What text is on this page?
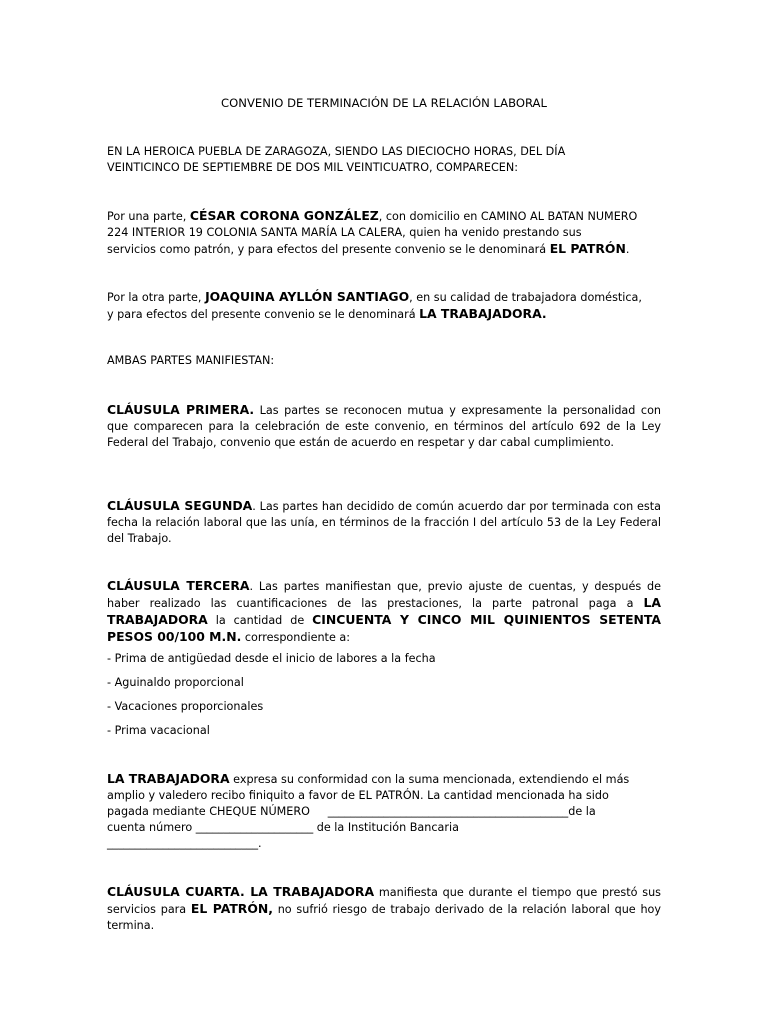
CONVENIO DE TERMINACIÓN DE LA RELACIÓN LABORAL

EN LA HEROICA PUEBLA DE ZARAGOZA, SIENDO LAS DIECIOCHO HORAS, DEL DÍA
VEINTICINCO DE SEPTIEMBRE DE DOS MIL VEINTICUATRO, COMPARECEN:

Por una parte, CÉSAR CORONA GONZÁLEZ, con domicilio en CAMINO AL BATAN NUMERO
224 INTERIOR 19 COLONIA SANTA MARÍA LA CALERA, quien ha venido prestando sus
servicios como patrón, y para efectos del presente convenio se le denominará EL PATRÓN.

Por la otra parte, JOAQUINA AYLLÓN SANTIAGO, en su calidad de trabajadora doméstica,
y para efectos del presente convenio se le denominará LA TRABAJADORA.

AMBAS PARTES MANIFIESTAN:

CLÁUSULA PRIMERA. Las partes se reconocen mutua y expresamente la personalidad con que comparecen para la celebración de este convenio, en términos del artículo 692 de la Ley Federal del Trabajo, convenio que están de acuerdo en respetar y dar cabal cumplimiento.

CLÁUSULA SEGUNDA. Las partes han decidido de común acuerdo dar por terminada con esta fecha la relación laboral que las unía, en términos de la fracción I del artículo 53 de la Ley Federal del Trabajo.

CLÁUSULA TERCERA. Las partes manifiestan que, previo ajuste de cuentas, y después de haber realizado las cuantificaciones de las prestaciones, la parte patronal paga a LA TRABAJADORA la cantidad de CINCUENTA Y CINCO MIL QUINIENTOS SETENTA PESOS 00/100 M.N. correspondiente a:

- Prima de antigüedad desde el inicio de labores a la fecha

- Aguinaldo proporcional

- Vacaciones proporcionales

- Prima vacacional

LA TRABAJADORA expresa su conformidad con la suma mencionada, extendiendo el más
amplio y valedero recibo finiquito a favor de EL PATRÓN. La cantidad mencionada ha sido
pagada mediante CHEQUE NÚMERO     ___________________________________________de la
cuenta número _____________________ de la Institución Bancaria
___________________________.

CLÁUSULA CUARTA. LA TRABAJADORA manifiesta que durante el tiempo que prestó sus servicios para EL PATRÓN, no sufrió riesgo de trabajo derivado de la relación laboral que hoy termina.
